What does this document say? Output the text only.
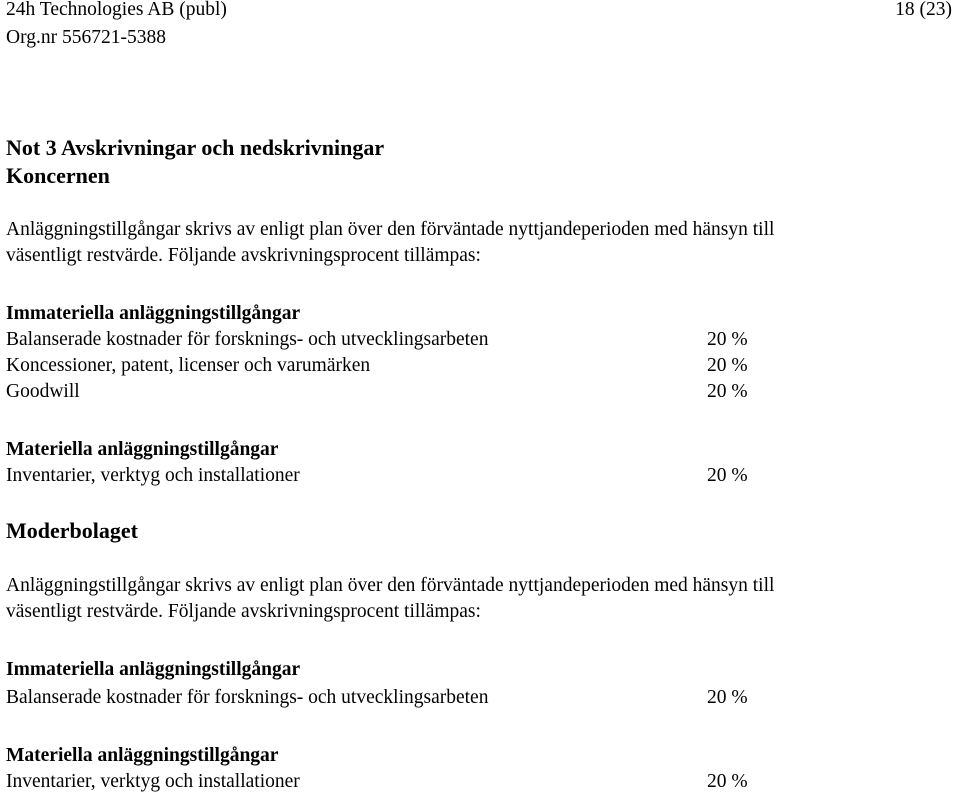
24h Technologies AB (publ)	18 (23)
Org.nr 556721-5388
Not 3 Avskrivningar och nedskrivningar
Koncernen
Anläggningstillgångar skrivs av enligt plan över den förväntade nyttjandeperioden med hänsyn till
väsentligt restvärde. Följande avskrivningsprocent tillämpas:
Immateriella anläggningstillgångar
Balanserade kostnader för forsknings- och utvecklingsarbeten	20 %
Koncessioner, patent, licenser och varumärken	20 %
Goodwill	20 %
Materiella anläggningstillgångar
Inventarier, verktyg och installationer	20 %
Moderbolaget
Anläggningstillgångar skrivs av enligt plan över den förväntade nyttjandeperioden med hänsyn till
väsentligt restvärde. Följande avskrivningsprocent tillämpas:
Immateriella anläggningstillgångar
Balanserade kostnader för forsknings- och utvecklingsarbeten	20 %
Materiella anläggningstillgångar
Inventarier, verktyg och installationer	20 %
